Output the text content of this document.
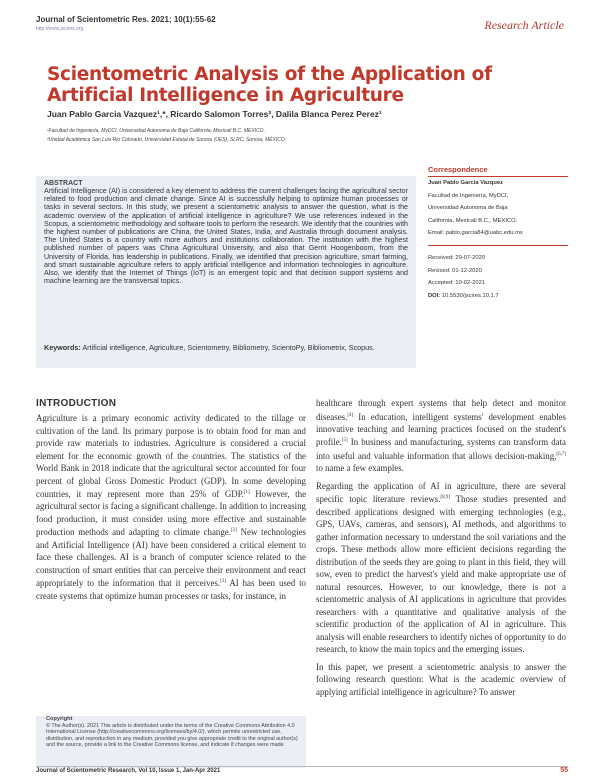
Journal of Scientometric Res. 2021; 10(1):55-62
http://www.jscires.org	Research Article
Scientometric Analysis of the Application of Artificial Intelligence in Agriculture
Juan Pablo Garcia Vazquez¹,*, Ricardo Salomon Torres², Dalila Blanca Perez Perez¹
¹Facultad de Ingeniería, MyDCI, Universidad Autonoma de Baja California, Mexicali B.C. MEXICO.
²Unidad Académica San Luis Rio Colorado, Universidad Estatal de Sonora (UES), SLRC, Sonora, MÉXICO.
ABSTRACT
Artificial Intelligence (AI) is considered a key element to address the current challenges facing the agricultural sector related to food production and climate change. Since AI is successfully helping to optimize human processes or tasks in several sectors. In this study, we present a scientometric analysis to answer the question, what is the academic overview of the application of artificial intelligence in agriculture? We use references indexed in the Scopus, a scientometric methodology and software tools to perform the research. We identify that the countries with the highest number of publications are China, the United States, India, and Australia through document analysis. The United States is a country with more authors and institutions collaboration. The institution with the highest published number of papers was China Agricultural University, and also that Gerrit Hoogenboom, from the University of Florida, has leadership in publications. Finally, we identified that precision agriculture, smart farming, and smart sustainable agriculture refers to apply artificial intelligence and information technologies in agriculture. Also, we identify that the Internet of Things (IoT) is an emergent topic and that decision support systems and machine learning are the transversal topics.
Keywords: Artificial intelligence, Agriculture, Scientometry, Bibliometry, ScientoPy, Bibliometrix, Scopus.
Correspondence
Juan Pablo Garcia Vazquez
Facultad de Ingeniería, MyDCI,
Universidad Autonoma de Baja
California, Mexicali B.C., MEXICO.
Email: pablo.garcia84@uabc.edu.mx
Received: 29-07-2020
Revised: 01-12-2020
Accepted: 10-02-2021
DOI: 10.5530/jscires.10.1.7
INTRODUCTION

Agriculture is a primary economic activity dedicated to the tillage or cultivation of the land. Its primary purpose is to obtain food for man and provide raw materials to industries. Agriculture is considered a crucial element for the economic growth of the countries. The statistics of the World Bank in 2018 indicate that the agricultural sector accounted for four percent of global Gross Domestic Product (GDP). In some developing countries, it may represent more than 25% of GDP.[1] However, the agricultural sector is facing a significant challenge. In addition to increasing food production, it must consider using more effective and sustainable production methods and adapting to climate change.[2] New technologies and Artificial Intelligence (AI) have been considered a critical element to face these challenges. AI is a branch of computer science related to the construction of smart entities that can perceive their environment and react appropriately to the information that it perceives.[3] AI has been used to create systems that optimize human processes or tasks, for instance, in

healthcare through expert systems that help detect and monitor diseases.[4] In education, intelligent systems' development enables innovative teaching and learning practices focused on the student's profile.[5] In business and manufacturing, systems can transform data into useful and valuable information that allows decision-making,[6,7] to name a few examples.

Regarding the application of AI in agriculture, there are several specific topic literature reviews.[8,9] Those studies presented and described applications designed with emerging technologies (e.g., GPS, UAVs, cameras, and sensors), AI methods, and algorithms to gather information necessary to understand the soil variations and the crops. These methods allow more efficient decisions regarding the distribution of the seeds they are going to plant in this field, they will sow, even to predict the harvest's yield and make appropriate use of natural resources. However, to our knowledge, there is not a scientometric analysis of AI applications in agriculture that provides researchers with a quantitative and qualitative analysis of the scientific production of the application of AI in agriculture. This analysis will enable researchers to identify niches of opportunity to do research, to know the main topics and the emerging issues.

In this paper, we present a scientometric analysis to answer the following research question: What is the academic overview of applying artificial intelligence in agriculture? To answer

Copyright
© The Author(s). 2021 This article is distributed under the terms of the Creative Commons Attribution 4.0 International License (http://creativecommons.org/licenses/by/4.0/), which permits unrestricted use, distribution, and reproduction in any medium, provided you give appropriate credit to the original author(s) and the source, provide a link to the Creative Commons license, and indicate if changes were made.
Journal of Scientometric Research, Vol 10, Issue 1, Jan-Apr 2021	55
